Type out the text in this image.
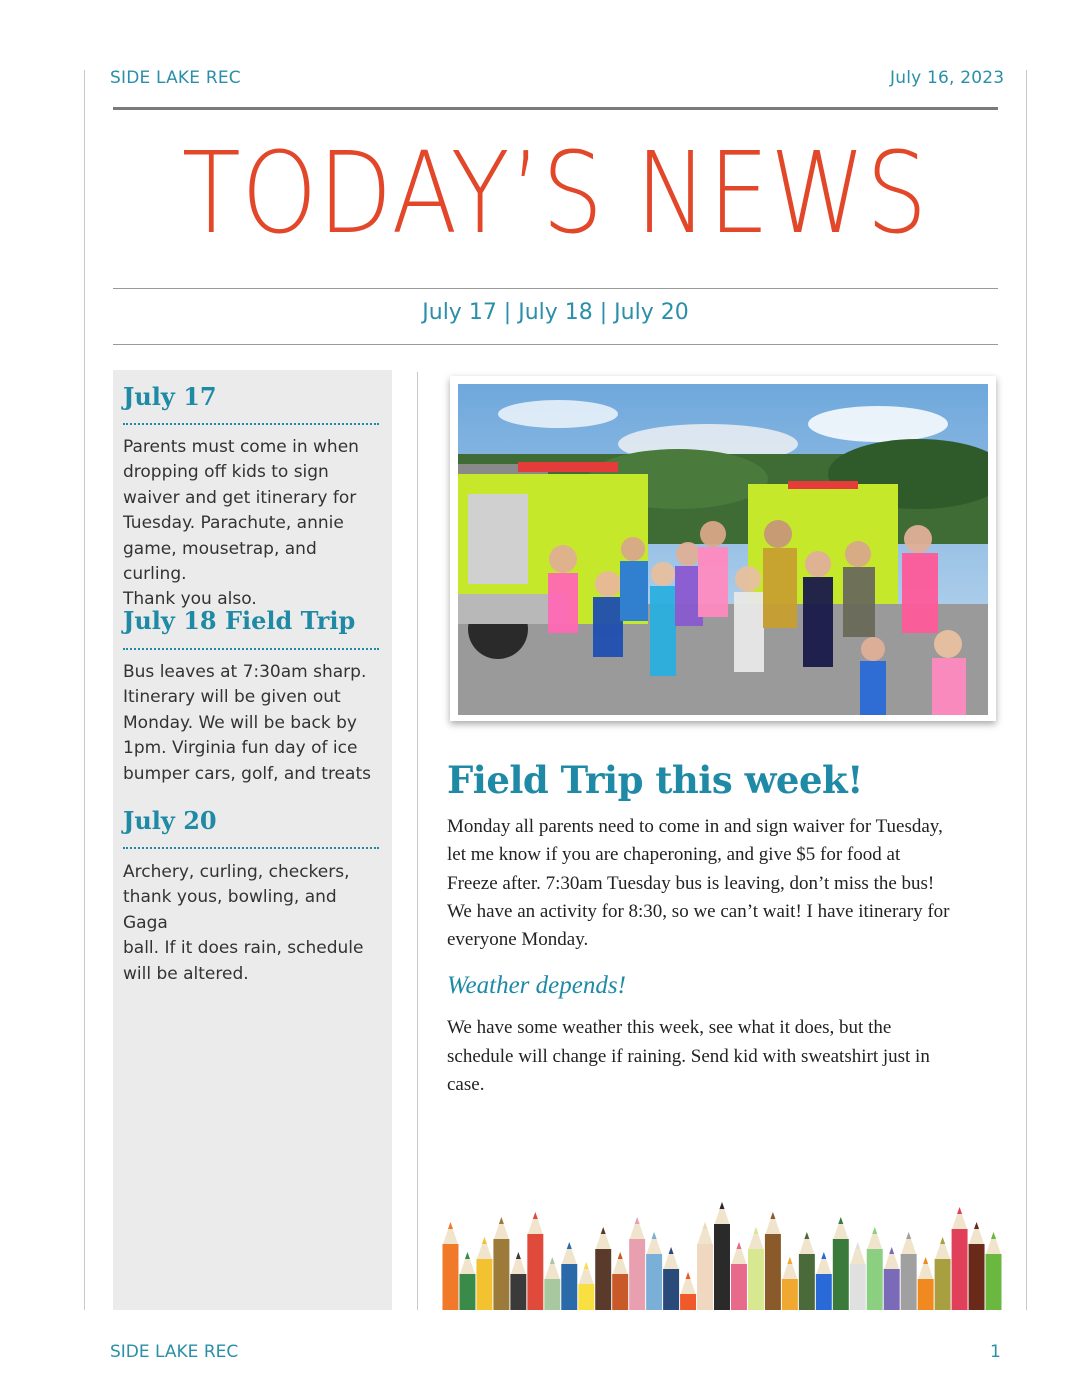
SIDE LAKE REC	July 16, 2023
TODAY’S NEWS
July 17 | July 18 | July 20
July 17
Parents must come in when
dropping off kids to sign
waiver and get itinerary for
Tuesday. Parachute, annie
game, mousetrap, and curling.
Thank you also.
July 18 Field Trip
Bus leaves at 7:30am sharp.
Itinerary will be given out
Monday. We will be back by
1pm. Virginia fun day of ice
bumper cars, golf, and treats
July 20
Archery, curling, checkers,
thank yous, bowling, and Gaga
ball. If it does rain, schedule
will be altered.
Field Trip this week!
Monday all parents need to come in and sign waiver for Tuesday,
let me know if you are chaperoning, and give $5 for food at
Freeze after. 7:30am Tuesday bus is leaving, don’t miss the bus!
We have an activity for 8:30, so we can’t wait! I have itinerary for
everyone Monday.
Weather depends!
We have some weather this week, see what it does, but the
schedule will change if raining. Send kid with sweatshirt just in
case.
SIDE LAKE REC	1
